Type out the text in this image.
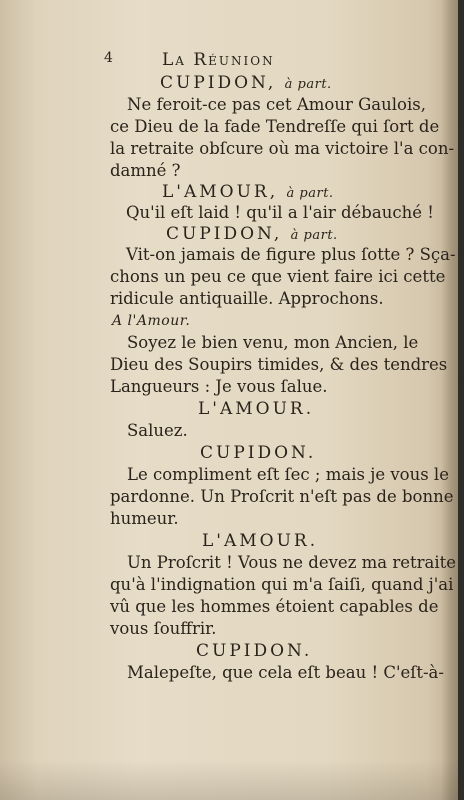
4	La Réunion
CUPIDON, à part.
Ne feroit-ce pas cet Amour Gaulois,
ce Dieu de la fade Tendreſſe qui ſort de
la retraite obſcure où ma victoire l'a con-
damné ?
L'AMOUR, à part.
Qu'il eſt laid ! qu'il a l'air débauché !
CUPIDON, à part.
Vit-on jamais de figure plus ſotte ? Sça-
chons un peu ce que vient faire ici cette
ridicule antiquaille. Approchons.
A l'Amour.
Soyez le bien venu, mon Ancien, le
Dieu des Soupirs timides, & des tendres
Langueurs : Je vous ſalue.
L'AMOUR.
Saluez.
CUPIDON.
Le compliment eſt ſec ; mais je vous le
pardonne. Un Proſcrit n'eſt pas de bonne
humeur.
L'AMOUR.
Un Proſcrit ! Vous ne devez ma retraite
qu'à l'indignation qui m'a ſaiſi, quand j'ai
vû que les hommes étoient capables de
vous ſouffrir.
CUPIDON.
Malepeſte, que cela eſt beau ! C'eſt-à-
